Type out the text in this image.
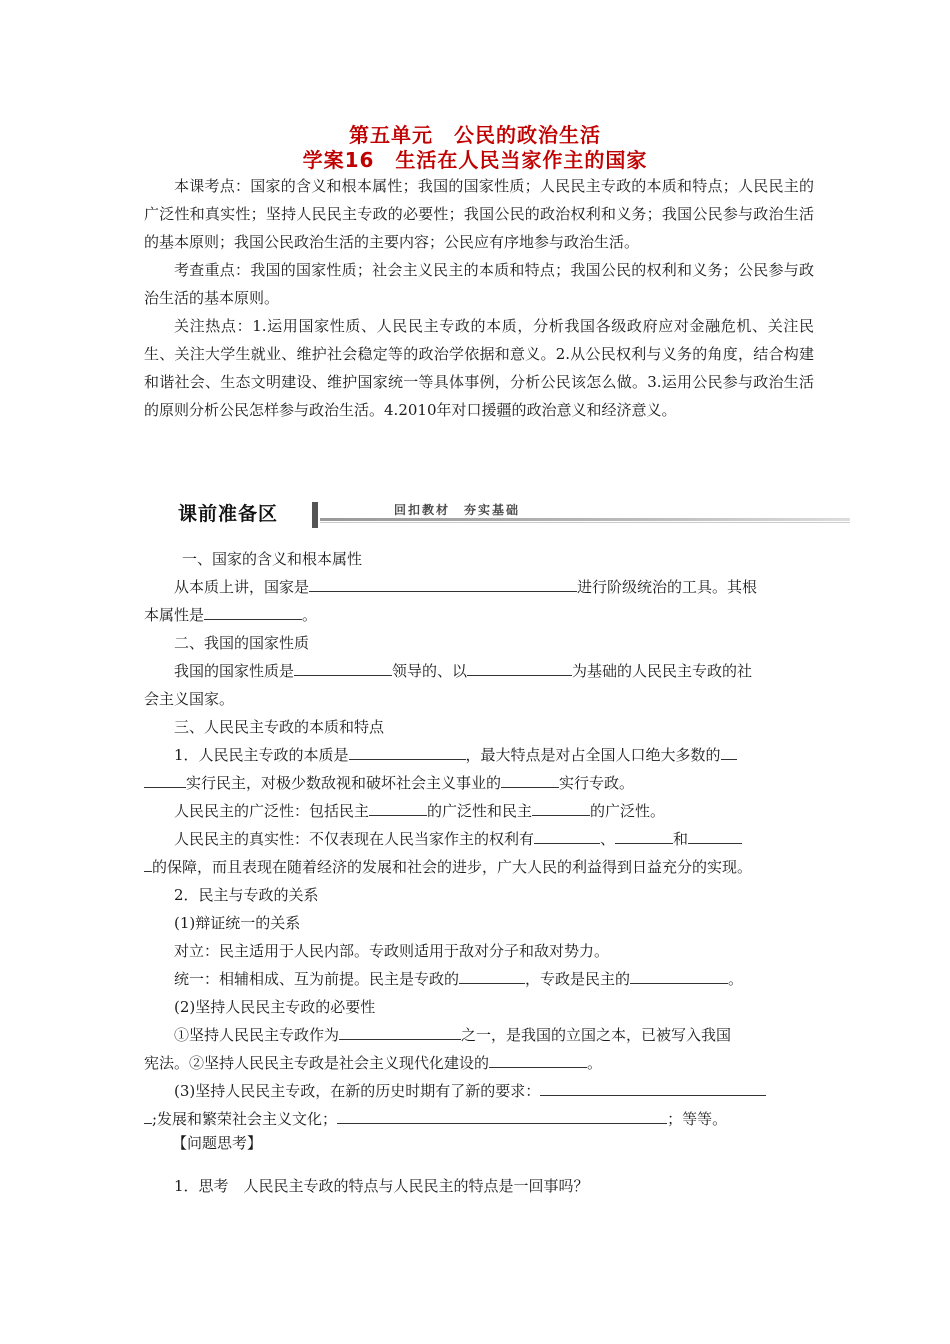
第五单元　公民的政治生活
学案16　生活在人民当家作主的国家

本课考点：国家的含义和根本属性；我国的国家性质；人民民主专政的本质和特点；人民民主的广泛性和真实性；坚持人民民主专政的必要性；我国公民的政治权利和义务；我国公民参与政治生活的基本原则；我国公民政治生活的主要内容；公民应有序地参与政治生活。

考查重点：我国的国家性质；社会主义民主的本质和特点；我国公民的权利和义务；公民参与政治生活的基本原则。

关注热点：1.运用国家性质、人民民主专政的本质，分析我国各级政府应对金融危机、关注民生、关注大学生就业、维护社会稳定等的政治学依据和意义。2.从公民权利与义务的角度，结合构建和谐社会、生态文明建设、维护国家统一等具体事例，分析公民该怎么做。3.运用公民参与政治生活的原则分析公民怎样参与政治生活。4.2010年对口援疆的政治意义和经济意义。

课前准备区	回扣教材　夯实基础
一、国家的含义和根本属性
从本质上讲，国家是	进行阶级统治的工具。其根
本属性是	。
二、我国的国家性质
我国的国家性质是	领导的、以	为基础的人民民主专政的社
会主义国家。
三、人民民主专政的本质和特点
1．人民民主专政的本质是	，最大特点是对占全国人口绝大多数的
实行民主，对极少数敌视和破坏社会主义事业的	实行专政。
人民民主的广泛性：包括民主	的广泛性和民主	的广泛性。
人民民主的真实性：不仅表现在人民当家作主的权利有	、	和
的保障，而且表现在随着经济的发展和社会的进步，广大人民的利益得到日益充分的实现。
2．民主与专政的关系
(1)辩证统一的关系
对立：民主适用于人民内部。专政则适用于敌对分子和敌对势力。
统一：相辅相成、互为前提。民主是专政的	，专政是民主的	。
(2)坚持人民民主专政的必要性
①坚持人民民主专政作为	之一，是我国的立国之本，已被写入我国
宪法。②坚持人民民主专政是社会主义现代化建设的	。
(3)坚持人民民主专政，在新的历史时期有了新的要求：
;发展和繁荣社会主义文化；	；等等。
【问题思考】
1．思考　人民民主专政的特点与人民民主的特点是一回事吗？
